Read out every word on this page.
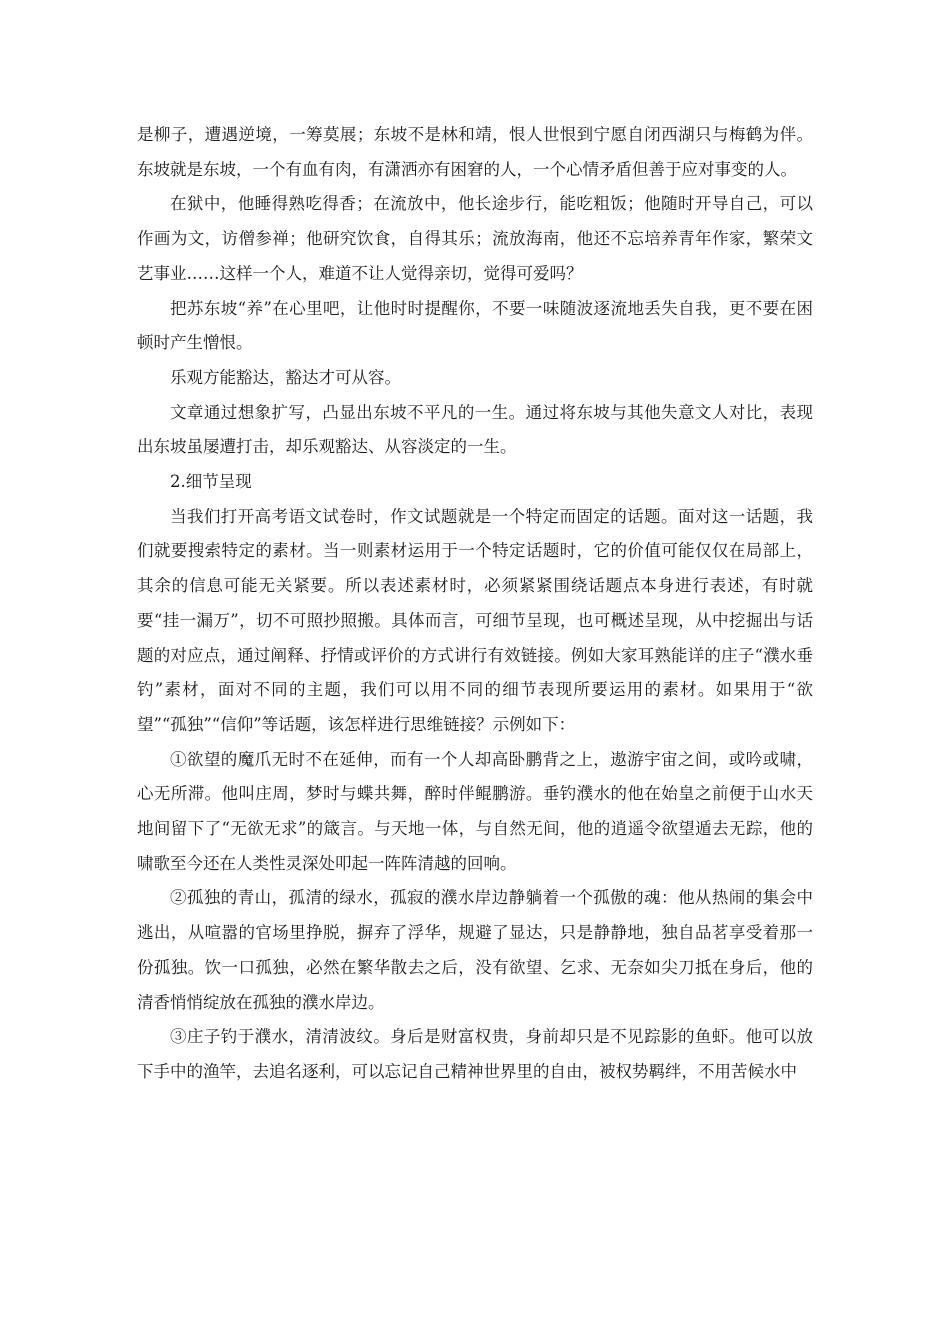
是柳子，遭遇逆境，一筹莫展；东坡不是林和靖，恨人世恨到宁愿自闭西湖只与梅鹤为伴。东坡就是东坡，一个有血有肉，有潇洒亦有困窘的人，一个心情矛盾但善于应对事变的人。

在狱中，他睡得熟吃得香；在流放中，他长途步行，能吃粗饭；他随时开导自己，可以作画为文，访僧参禅；他研究饮食，自得其乐；流放海南，他还不忘培养青年作家，繁荣文艺事业……这样一个人，难道不让人觉得亲切，觉得可爱吗？

把苏东坡“养”在心里吧，让他时时提醒你，不要一味随波逐流地丢失自我，更不要在困顿时产生憎恨。

乐观方能豁达，豁达才可从容。

文章通过想象扩写，凸显出东坡不平凡的一生。通过将东坡与其他失意文人对比，表现出东坡虽屡遭打击，却乐观豁达、从容淡定的一生。

2.细节呈现

当我们打开高考语文试卷时，作文试题就是一个特定而固定的话题。面对这一话题，我们就要搜索特定的素材。当一则素材运用于一个特定话题时，它的价值可能仅仅在局部上，其余的信息可能无关紧要。所以表述素材时，必须紧紧围绕话题点本身进行表述，有时就要“挂一漏万”，切不可照抄照搬。具体而言，可细节呈现，也可概述呈现，从中挖掘出与话题的对应点，通过阐释、抒情或评价的方式讲行有效链接。例如大家耳熟能详的庄子“濮水垂钓”素材，面对不同的主题，我们可以用不同的细节表现所要运用的素材。如果用于“欲望”“孤独”“信仰”等话题，该怎样进行思维链接？示例如下：

①欲望的魔爪无时不在延伸，而有一个人却高卧鹏背之上，遨游宇宙之间，或吟或啸，心无所滞。他叫庄周，梦时与蝶共舞，醉时伴鲲鹏游。垂钓濮水的他在始皇之前便于山水天地间留下了“无欲无求”的箴言。与天地一体，与自然无间，他的逍遥令欲望遁去无踪，他的啸歌至今还在人类性灵深处叩起一阵阵清越的回响。

②孤独的青山，孤清的绿水，孤寂的濮水岸边静躺着一个孤傲的魂：他从热闹的集会中逃出，从喧嚣的官场里挣脱，摒弃了浮华，规避了显达，只是静静地，独自品茗享受着那一份孤独。饮一口孤独，必然在繁华散去之后，没有欲望、乞求、无奈如尖刀抵在身后，他的清香悄悄绽放在孤独的濮水岸边。

③庄子钓于濮水，清清波纹。身后是财富权贵，身前却只是不见踪影的鱼虾。他可以放下手中的渔竿，去追名逐利，可以忘记自己精神世界里的自由，被权势羁绊，不用苦候水中
